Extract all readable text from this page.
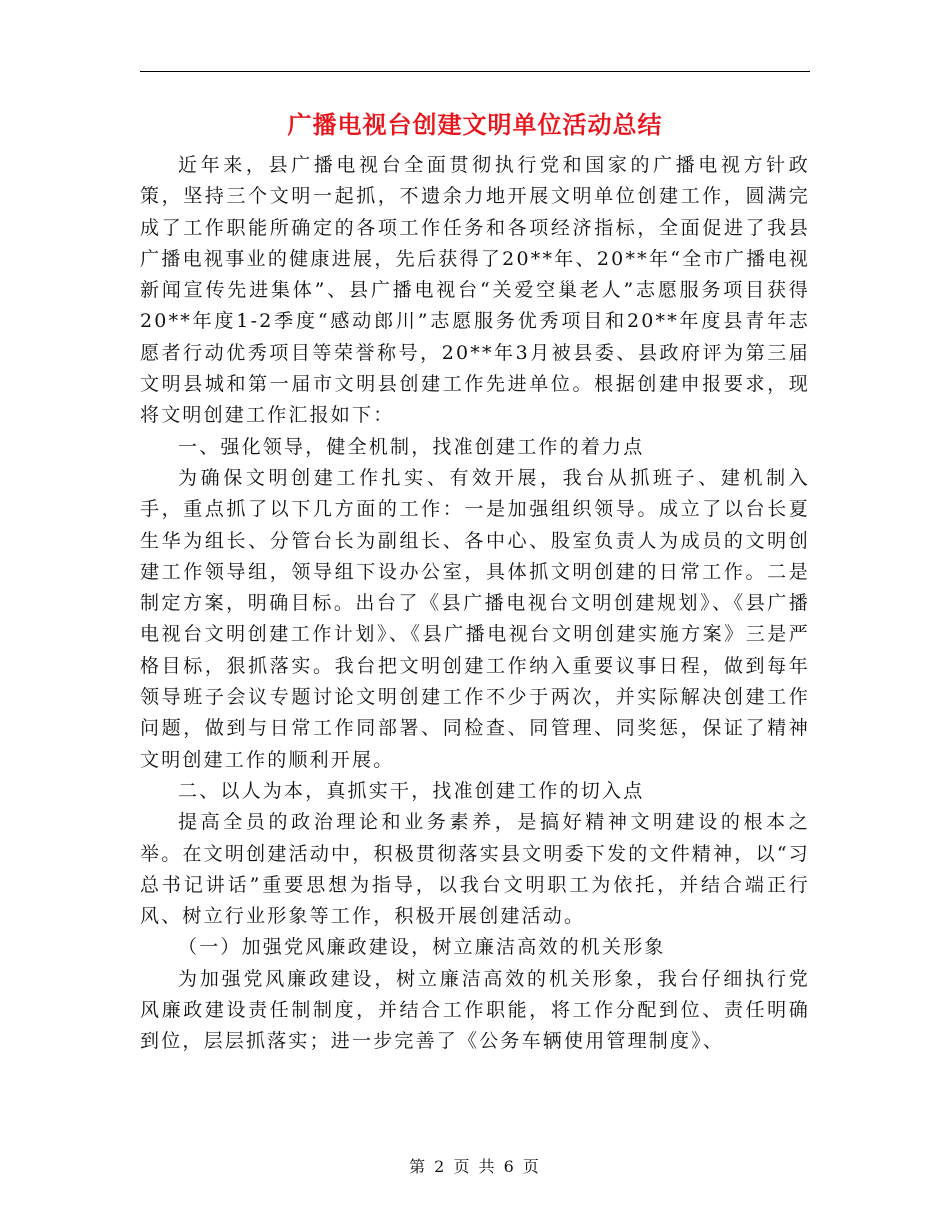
广播电视台创建文明单位活动总结

近年来，县广播电视台全面贯彻执行党和国家的广播电视方针政策，坚持三个文明一起抓，不遗余力地开展文明单位创建工作，圆满完成了工作职能所确定的各项工作任务和各项经济指标，全面促进了我县广播电视事业的健康进展，先后获得了20**年、20**年“全市广播电视新闻宣传先进集体”、县广播电视台“关爱空巢老人”志愿服务项目获得20**年度1-2季度“感动郎川”志愿服务优秀项目和20**年度县青年志愿者行动优秀项目等荣誉称号，20**年3月被县委、县政府评为第三届文明县城和第一届市文明县创建工作先进单位。根据创建申报要求，现将文明创建工作汇报如下：

一、强化领导，健全机制，找准创建工作的着力点

为确保文明创建工作扎实、有效开展，我台从抓班子、建机制入手，重点抓了以下几方面的工作：一是加强组织领导。成立了以台长夏生华为组长、分管台长为副组长、各中心、股室负责人为成员的文明创建工作领导组，领导组下设办公室，具体抓文明创建的日常工作。二是制定方案，明确目标。出台了《县广播电视台文明创建规划》、《县广播电视台文明创建工作计划》、《县广播电视台文明创建实施方案》三是严格目标，狠抓落实。我台把文明创建工作纳入重要议事日程，做到每年领导班子会议专题讨论文明创建工作不少于两次，并实际解决创建工作问题，做到与日常工作同部署、同检查、同管理、同奖惩，保证了精神文明创建工作的顺利开展。

二、以人为本，真抓实干，找准创建工作的切入点

提高全员的政治理论和业务素养，是搞好精神文明建设的根本之举。在文明创建活动中，积极贯彻落实县文明委下发的文件精神，以“习总书记讲话”重要思想为指导，以我台文明职工为依托，并结合端正行风、树立行业形象等工作，积极开展创建活动。

（一）加强党风廉政建设，树立廉洁高效的机关形象

为加强党风廉政建设，树立廉洁高效的机关形象，我台仔细执行党风廉政建设责任制制度，并结合工作职能，将工作分配到位、责任明确到位，层层抓落实；进一步完善了《公务车辆使用管理制度》、

第 2 页 共 6 页
